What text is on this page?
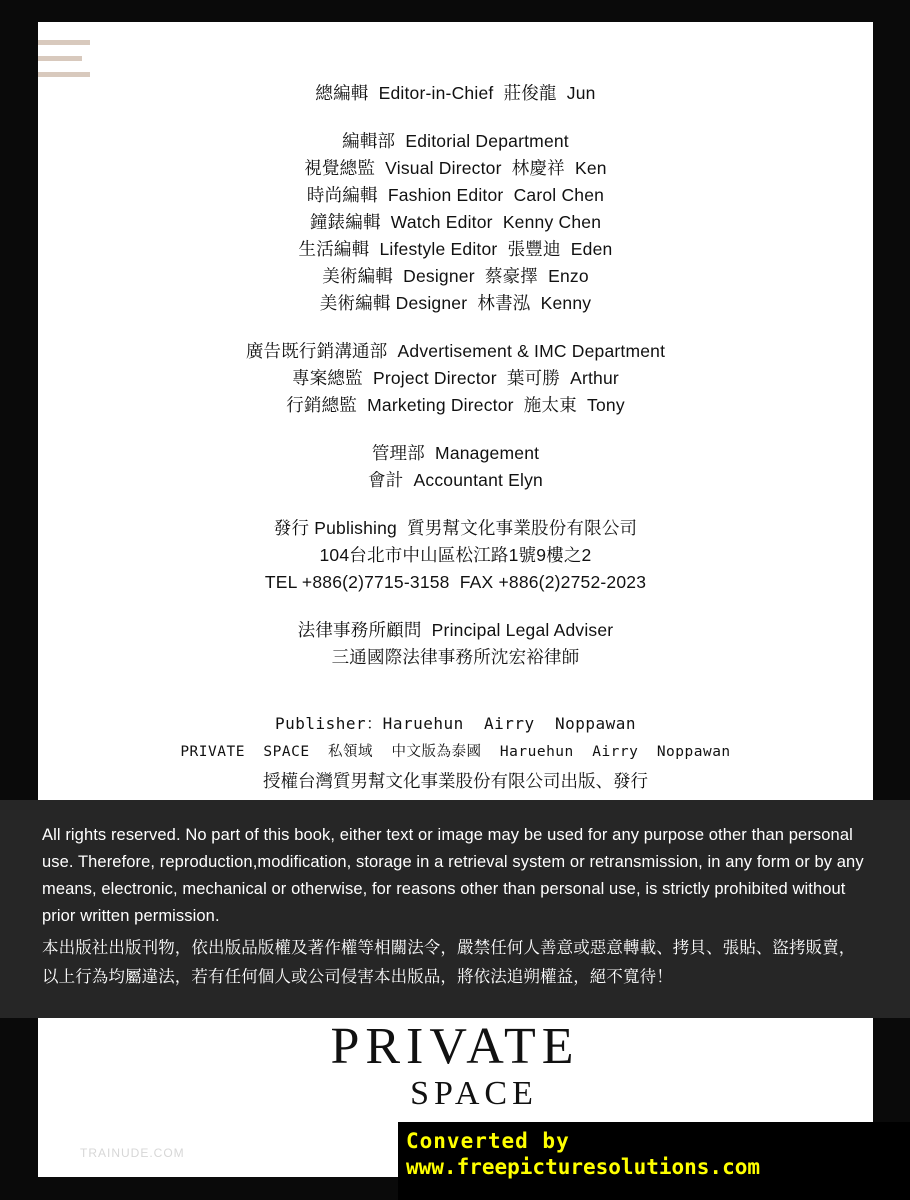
總編輯  Editor-in-Chief  莊俊龍  Jun
編輯部  Editorial Department
視覺總監  Visual Director  林慶祥  Ken
時尚編輯  Fashion Editor  Carol Chen
鐘錶編輯  Watch Editor  Kenny Chen
生活編輯  Lifestyle Editor  張豐迪  Eden
美術編輯  Designer  蔡豪擇  Enzo
美術編輯 Designer  林書泓  Kenny
廣告既行銷溝通部  Advertisement & IMC Department
專案總監  Project Director  葉可勝  Arthur
行銷總監  Marketing Director  施太東  Tony
管理部  Management
會計  Accountant Elyn
發行 Publishing  質男幫文化事業股份有限公司
104台北市中山區松江路1號9樓之2
TEL +886(2)7715-3158  FAX +886(2)2752-2023
法律事務所顧問  Principal Legal Adviser
三通國際法律事務所沈宏裕律師
Publisher：Haruehun  Airry  Noppawan
PRIVATE  SPACE  私領域  中文版為泰國  Haruehun  Airry  Noppawan
授權台灣質男幫文化事業股份有限公司出版、發行

All rights reserved. No part of this book, either text or image may be used for any purpose other than personal use. Therefore, reproduction,modification, storage in a retrieval system or retransmission, in any form or by any means, electronic, mechanical or otherwise, for reasons other than personal use, is strictly prohibited without prior written permission.

本出版社出版刊物，依出版品版權及著作權等相關法令，嚴禁任何人善意或惡意轉載、拷貝、張貼、盜拷販賣，以上行為均屬違法，若有任何個人或公司侵害本出版品，將依法追朔權益，絕不寬待！

PRIVATE
SPACE
TRAINUDE.COM	Converted by
www.freepicturesolutions.com
